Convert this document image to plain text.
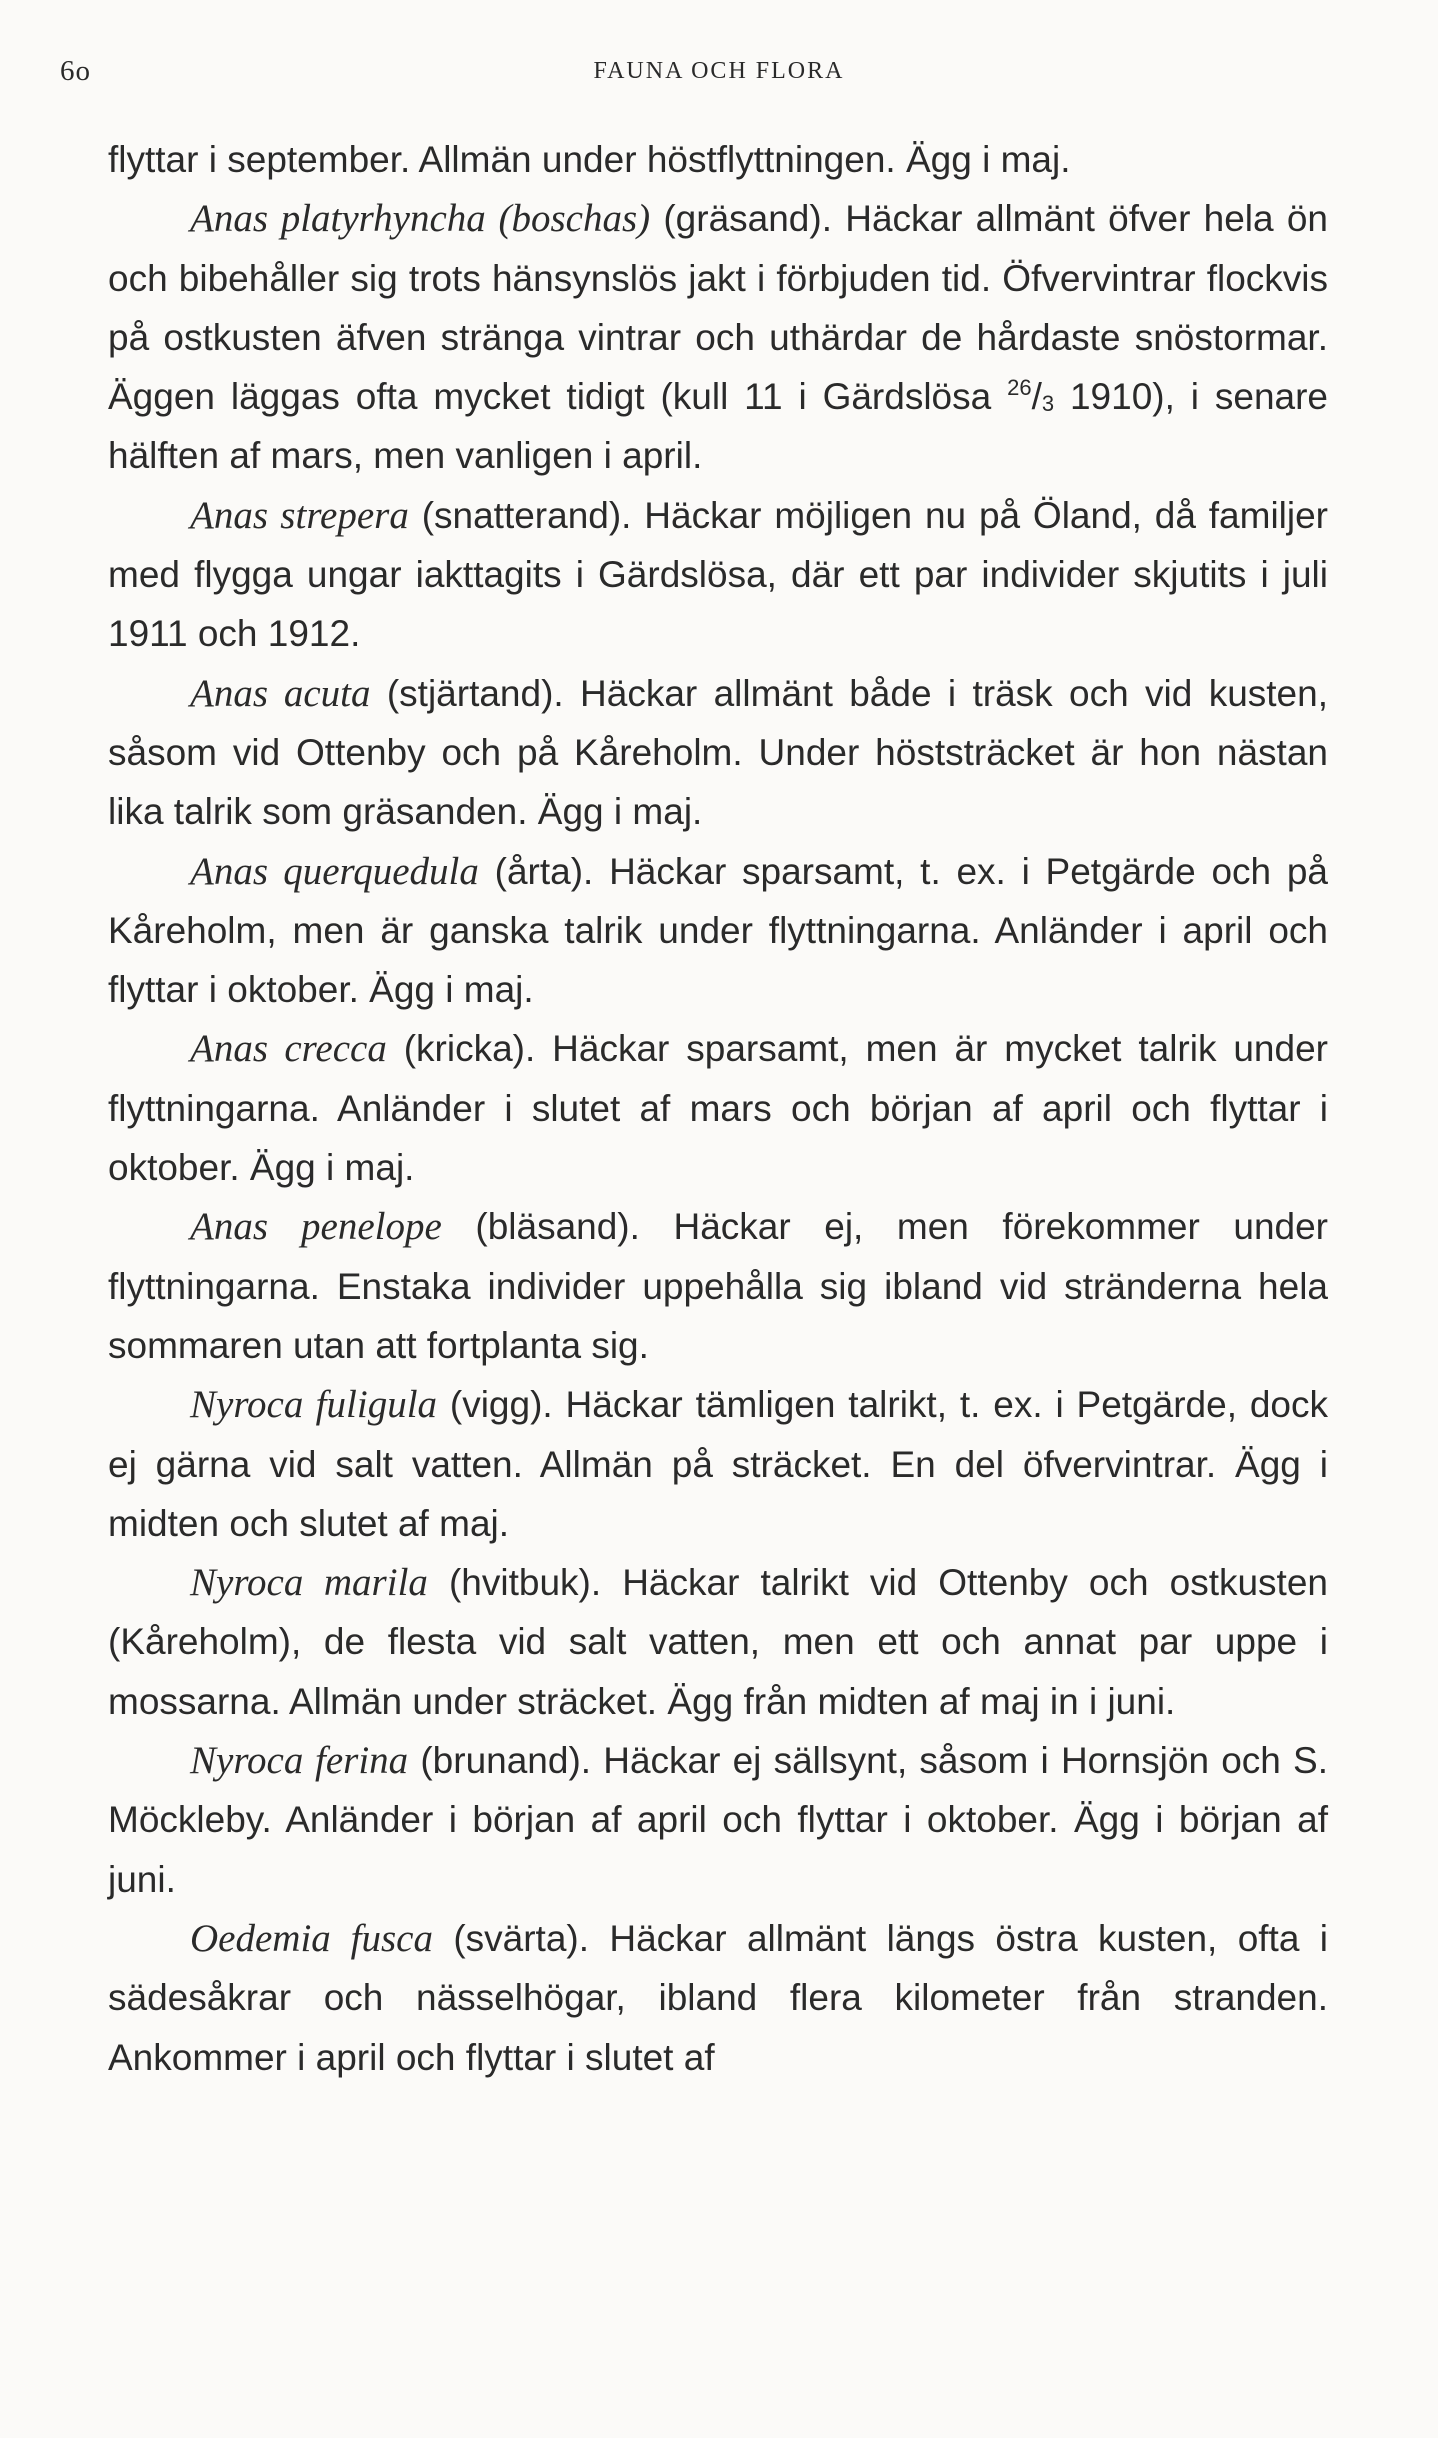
6o	FAUNA OCH FLORA

flyttar i september. Allmän under höstflyttningen. Ägg i maj.

Anas platyrhyncha (boschas) (gräsand). Häckar allmänt öfver hela ön och bibehåller sig trots hänsynslös jakt i förbjuden tid. Öfvervintrar flockvis på ostkusten äfven stränga vintrar och uthärdar de hårdaste snöstormar. Äggen läggas ofta mycket tidigt (kull 11 i Gärdslösa $^{26}/_3$ 1910), i senare hälften af mars, men vanligen i april.

Anas strepera (snatterand). Häckar möjligen nu på Öland, då familjer med flygga ungar iakttagits i Gärdslösa, där ett par individer skjutits i juli 1911 och 1912.

Anas acuta (stjärtand). Häckar allmänt både i träsk och vid kusten, såsom vid Ottenby och på Kåreholm. Under höststräcket är hon nästan lika talrik som gräsanden. Ägg i maj.

Anas querquedula (årta). Häckar sparsamt, t. ex. i Petgärde och på Kåreholm, men är ganska talrik under flyttningarna. Anländer i april och flyttar i oktober. Ägg i maj.

Anas crecca (kricka). Häckar sparsamt, men är mycket talrik under flyttningarna. Anländer i slutet af mars och början af april och flyttar i oktober. Ägg i maj.

Anas penelope (bläsand). Häckar ej, men förekommer under flyttningarna. Enstaka individer uppehålla sig ibland vid stränderna hela sommaren utan att fortplanta sig.

Nyroca fuligula (vigg). Häckar tämligen talrikt, t. ex. i Petgärde, dock ej gärna vid salt vatten. Allmän på sträcket. En del öfvervintrar. Ägg i midten och slutet af maj.

Nyroca marila (hvitbuk). Häckar talrikt vid Ottenby och ostkusten (Kåreholm), de flesta vid salt vatten, men ett och annat par uppe i mossarna. Allmän under sträcket. Ägg från midten af maj in i juni.

Nyroca ferina (brunand). Häckar ej sällsynt, såsom i Hornsjön och S. Möckleby. Anländer i början af april och flyttar i oktober. Ägg i början af juni.

Oedemia fusca (svärta). Häckar allmänt längs östra kusten, ofta i sädesåkrar och nässelhögar, ibland flera kilometer från stranden. Ankommer i april och flyttar i slutet af
